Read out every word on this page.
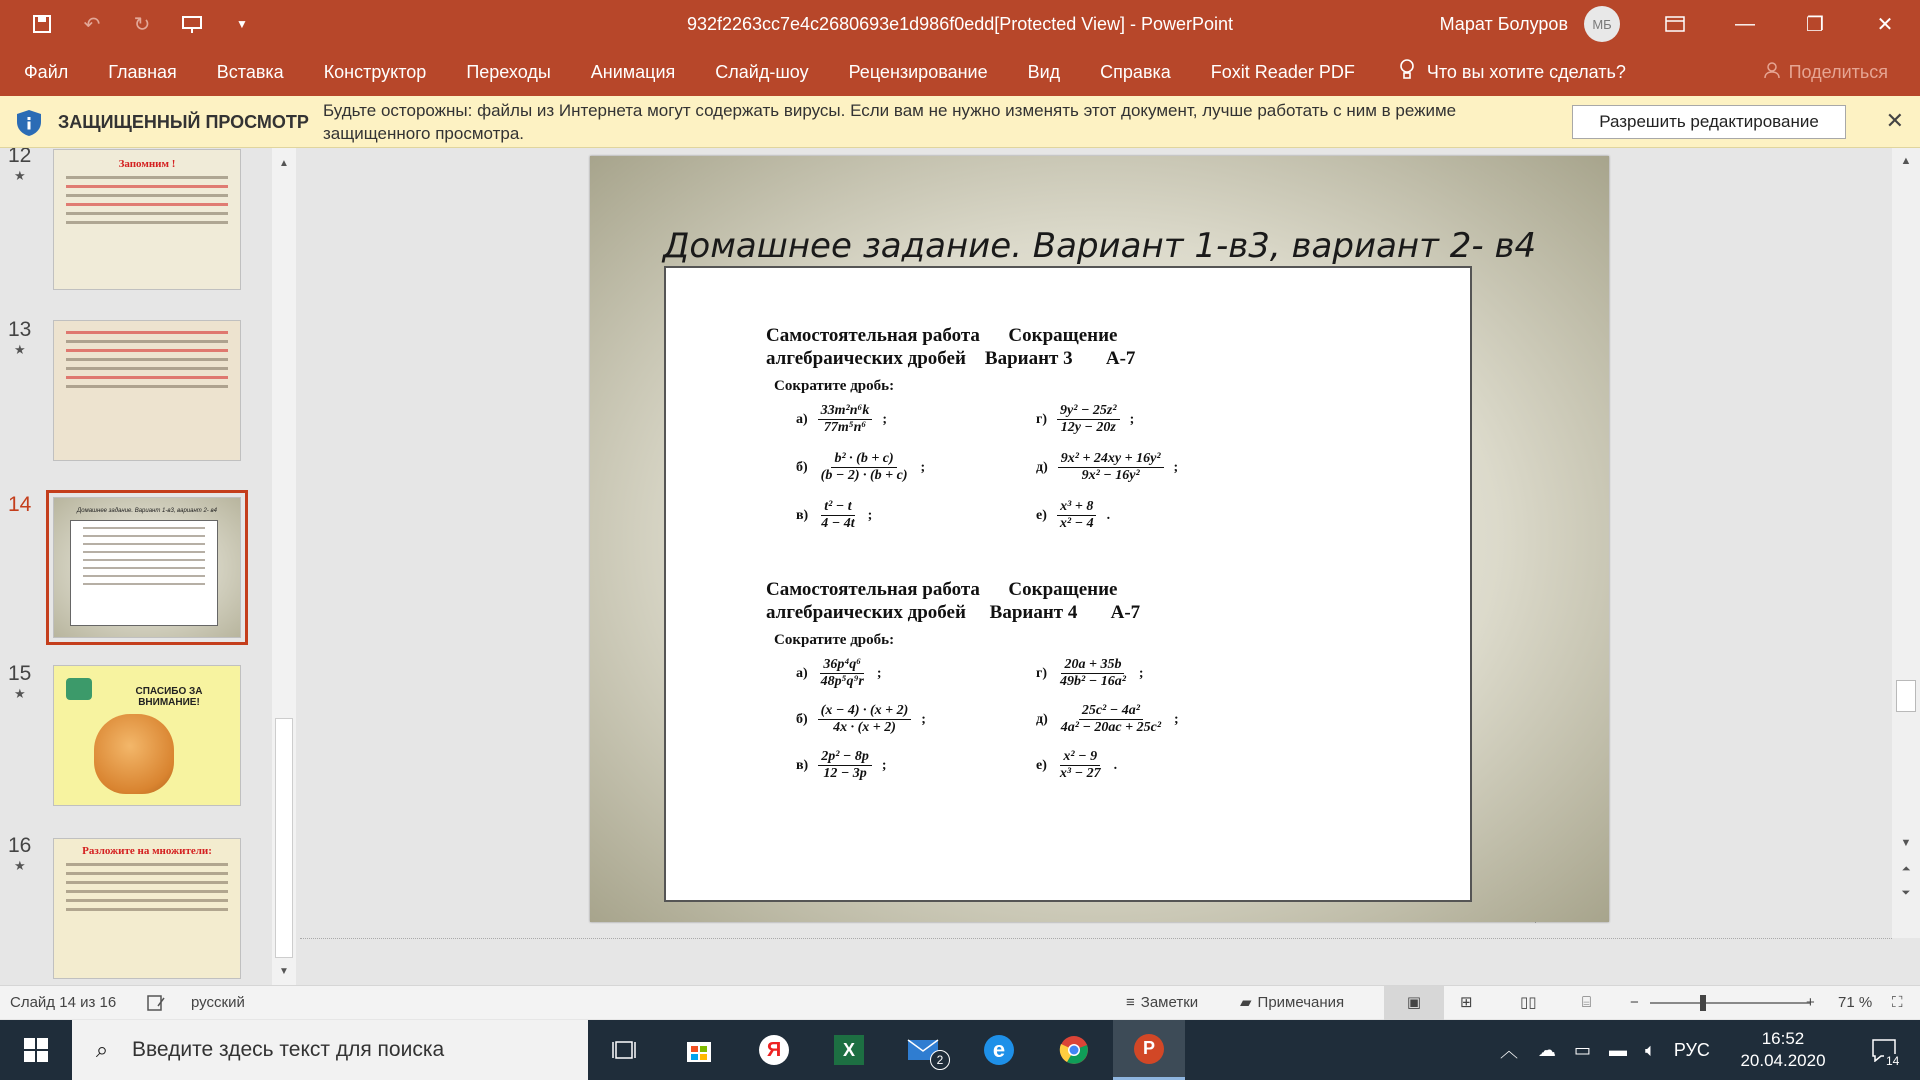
↶ ↻	▼	932f2263cc7e4c2680693e1d986f0edd[Protected View] - PowerPoint	Марат Болуров	МБ	—	❐	✕
Файл	Главная	Вставка	Конструктор	Переходы	Анимация	Слайд-шоу	Рецензирование	Вид	Справка	Foxit Reader PDF	Что вы хотите сделать?	Поделиться
ЗАЩИЩЕННЫЙ ПРОСМОТР
Будьте осторожны: файлы из Интернета могут содержать вирусы. Если вам не нужно изменять этот документ, лучше работать с ним в режиме защищенного просмотра.
Разрешить редактирование	✕
12
★
Запомним !
13
★
14	Домашнее задание. Вариант 1-в3, вариант 2- в4
15
★	СПАСИБО ЗА ВНИМАНИЕ!
16
★
Разложите на множители:
▲
▼
Домашнее задание. Вариант 1-в3, вариант 2- в4
Самостоятельная работа      Сокращение
алгебраических дробей    Вариант 3       А-7
Сократите дробь:
$а) \frac{\text{33m²n⁶k}}{\text{77m⁵n⁶}}$ ;	$г) \frac{\text{9y² − 25z²}}{12y - 20z}$ ;
$б) \frac{\text{b² · (b + c)}}{(b - 2) \cdot (b + c)}$ ;	$д) \frac{\text{9x² + 24xy + 16y²}}{\text{9x² − 16y²}}$ ;
$в) \frac{\text{t² − t}}{4 - 4t}$ ;	$е) \frac{\text{x³ + 8}}{\text{x² − 4}}$ .
Самостоятельная работа      Сокращение
алгебраических дробей     Вариант 4       А-7
Сократите дробь:
$а) \frac{\text{36p⁴q⁶}}{\text{48p⁵q⁹r}}$ ;	$г) \frac{20a + 35b}{\text{49b² − 16a²}}$ ;
$б) \frac{(x - 4) \cdot (x + 2)}{4x \cdot (x + 2)}$ ;	$д) \frac{\text{25c² − 4a²}}{\text{4a² − 20ac + 25c²}}$ ;
$в) \frac{\text{2p² − 8p}}{12 - 3p}$ ;	$е) \frac{\text{x² − 9}}{\text{x³ − 27}}$ .
▲
▼
⏶
⏷
Слайд 14 из 16	русский	≡ Заметки	▰ Примечания	▣	⊞	▯▯	⌸	−	+ 71 % ⛶
⌕	Введите здесь текст для поиска	Я	X
2	e	P	︿ ☁ ▭ ▬ 🔈︎ РУС
16:52
20.04.2020	14
